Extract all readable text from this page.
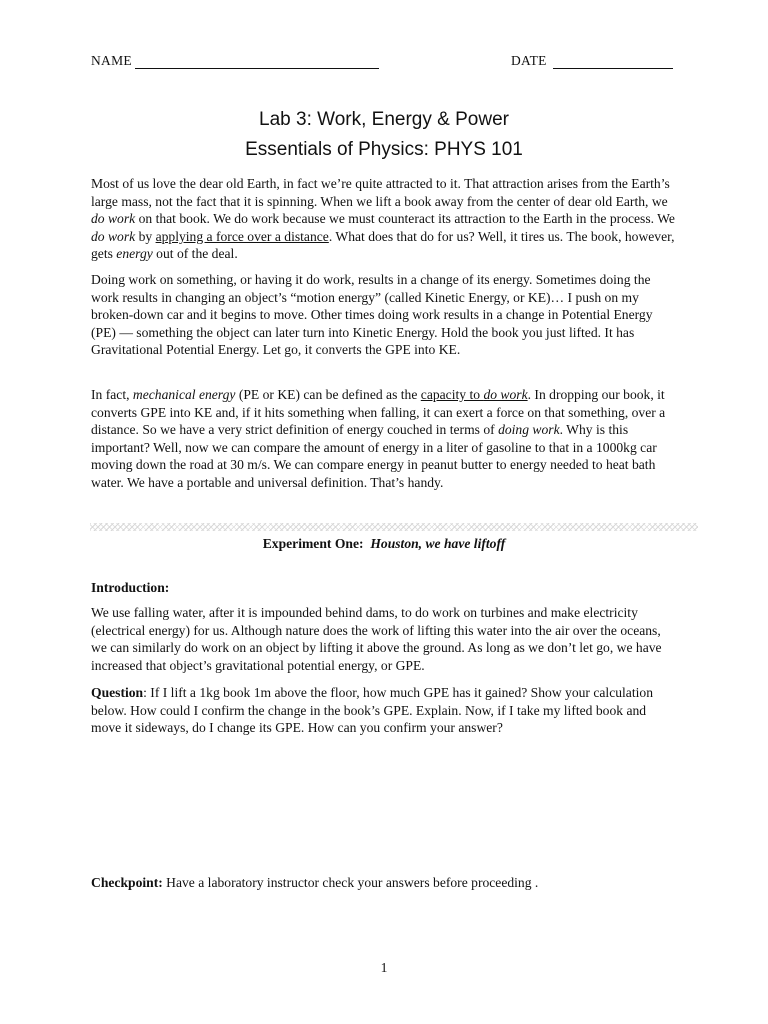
NAME	DATE
Lab 3: Work, Energy & Power
Essentials of Physics: PHYS 101

Most of us love the dear old Earth, in fact we’re quite attracted to it. That attraction arises from the Earth’s large mass, not the fact that it is spinning. When we lift a book away from the center of dear old Earth, we do work on that book. We do work because we must counteract its attraction to the Earth in the process. We do work by applying a force over a distance. What does that do for us? Well, it tires us. The book, however, gets energy out of the deal.

Doing work on something, or having it do work, results in a change of its energy. Sometimes doing the work results in changing an object’s “motion energy” (called Kinetic Energy, or KE)… I push on my broken-down car and it begins to move. Other times doing work results in a change in Potential Energy (PE) — something the object can later turn into Kinetic Energy. Hold the book you just lifted. It has Gravitational Potential Energy. Let go, it converts the GPE into KE.

In fact, mechanical energy (PE or KE) can be defined as the capacity to do work. In dropping our book, it converts GPE into KE and, if it hits something when falling, it can exert a force on that something, over a distance. So we have a very strict definition of energy couched in terms of doing work. Why is this important? Well, now we can compare the amount of energy in a liter of gasoline to that in a 1000kg car moving down the road at 30 m/s. We can compare energy in peanut butter to energy needed to heat bath water. We have a portable and universal definition. That’s handy.

Experiment One: Houston, we have liftoff
Introduction:

We use falling water, after it is impounded behind dams, to do work on turbines and make electricity (electrical energy) for us. Although nature does the work of lifting this water into the air over the oceans, we can similarly do work on an object by lifting it above the ground. As long as we don’t let go, we have increased that object’s gravitational potential energy, or GPE.

Question: If I lift a 1kg book 1m above the floor, how much GPE has it gained? Show your calculation below. How could I confirm the change in the book’s GPE. Explain. Now, if I take my lifted book and move it sideways, do I change its GPE. How can you confirm your answer?

Checkpoint: Have a laboratory instructor check your answers before proceeding .
1
